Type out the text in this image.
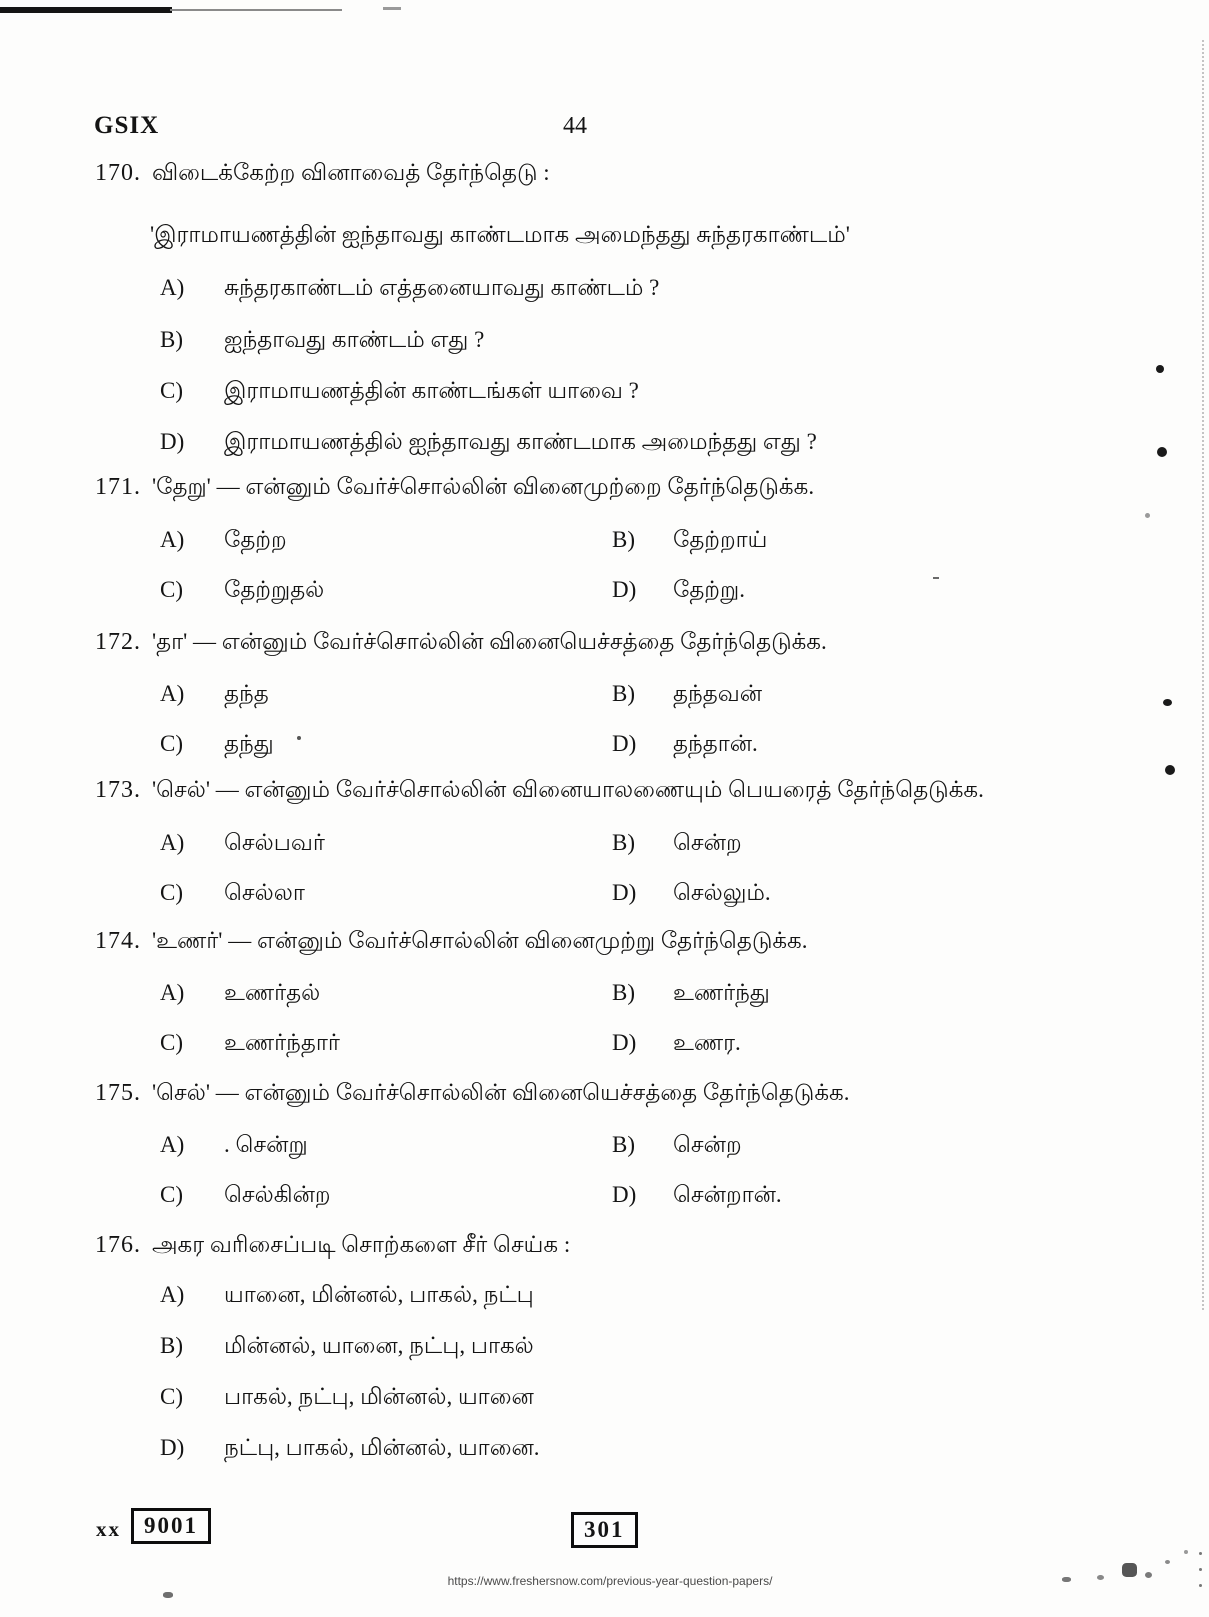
GSIX	44
170. விடைக்கேற்ற வினாவைத் தேர்ந்தெடு :
'இராமாயணத்தின் ஐந்தாவது காண்டமாக அமைந்தது சுந்தரகாண்டம்'
A) சுந்தரகாண்டம் எத்தனையாவது காண்டம் ?
B) ஐந்தாவது காண்டம் எது ?
C) இராமாயணத்தின் காண்டங்கள் யாவை ?
D) இராமாயணத்தில் ஐந்தாவது காண்டமாக அமைந்தது எது ?
171. 'தேறு' — என்னும் வேர்ச்சொல்லின் வினைமுற்றை தேர்ந்தெடுக்க.
A) தேற்ற	B) தேற்றாய்
C) தேற்றுதல்	D) தேற்று.
172. 'தா' — என்னும் வேர்ச்சொல்லின் வினையெச்சத்தை தேர்ந்தெடுக்க.
A) தந்த	B) தந்தவன்
C) தந்து	D) தந்தான்.
173. 'செல்' — என்னும் வேர்ச்சொல்லின் வினையாலணையும் பெயரைத் தேர்ந்தெடுக்க.
A) செல்பவர்	B) சென்ற
C) செல்லா	D) செல்லும்.
174. 'உணர்' — என்னும் வேர்ச்சொல்லின் வினைமுற்று தேர்ந்தெடுக்க.
A) உணர்தல்	B) உணர்ந்து
C) உணர்ந்தார்	D) உணர.
175. 'செல்' — என்னும் வேர்ச்சொல்லின் வினையெச்சத்தை தேர்ந்தெடுக்க.
A) . சென்று	B) சென்ற
C) செல்கின்ற	D) சென்றான்.
176. அகர வரிசைப்படி சொற்களை சீர் செய்க :
A) யானை, மின்னல், பாகல், நட்பு
B) மின்னல், யானை, நட்பு, பாகல்
C) பாகல், நட்பு, மின்னல், யானை
D) நட்பு, பாகல், மின்னல், யானை.
xx	9001	301
https://www.freshersnow.com/previous-year-question-papers/
